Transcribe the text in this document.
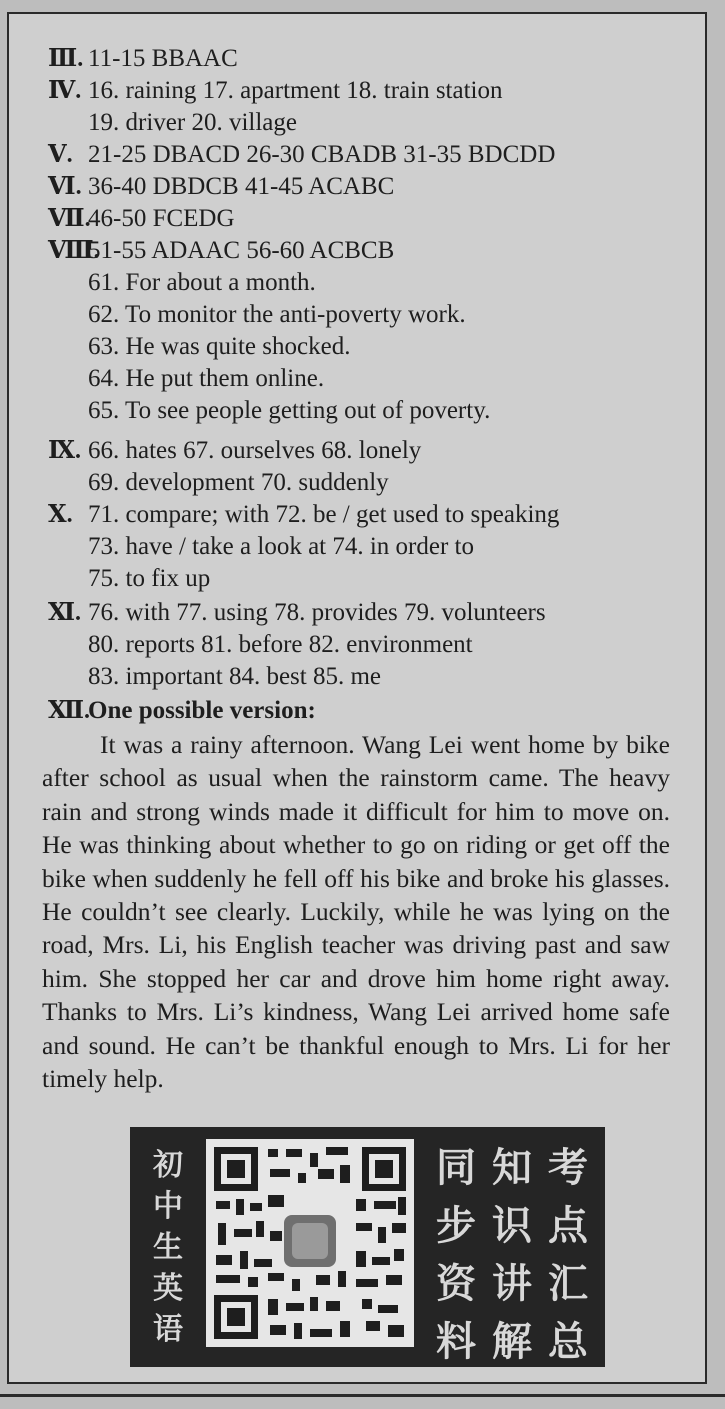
Ⅲ. 11-15 BBAAC
Ⅳ. 16. raining 17. apartment 18. train station
19. driver 20. village
Ⅴ. 21-25 DBACD 26-30 CBADB 31-35 BDCDD
Ⅵ. 36-40 DBDCB 41-45 ACABC
Ⅶ.
46-50 FCEDG
Ⅷ.
51-55 ADAAC 56-60 ACBCB
61. For about a month.
62. To monitor the anti-poverty work.
63. He was quite shocked.
64. He put them online.
65. To see people getting out of poverty.
Ⅸ. 66. hates 67. ourselves 68. lonely
69. development 70. suddenly
Ⅹ. 71. compare; with 72. be / get used to speaking
73. have / take a look at 74. in order to
75. to fix up
Ⅺ. 76. with 77. using 78. provides 79. volunteers
80. reports 81. before 82. environment
83. important 84. best 85. me
Ⅻ.
One possible version:
It was a rainy afternoon. Wang Lei went home by bike after school as usual when the rainstorm came. The heavy rain and strong winds made it difficult for him to move on. He was thinking about whether to go on riding or get off the bike when suddenly he fell off his bike and broke his glasses. He couldn’t see clearly. Luckily, while he was lying on the road, Mrs. Li, his English teacher was driving past and saw him. She stopped her car and drove him home right away. Thanks to Mrs. Li’s kindness, Wang Lei arrived home safe and sound. He can’t be thankful enough to Mrs. Li for her timely help.
初
中
生
英
语
同 知 考
步 识 点
资 讲 汇
料 解 总
